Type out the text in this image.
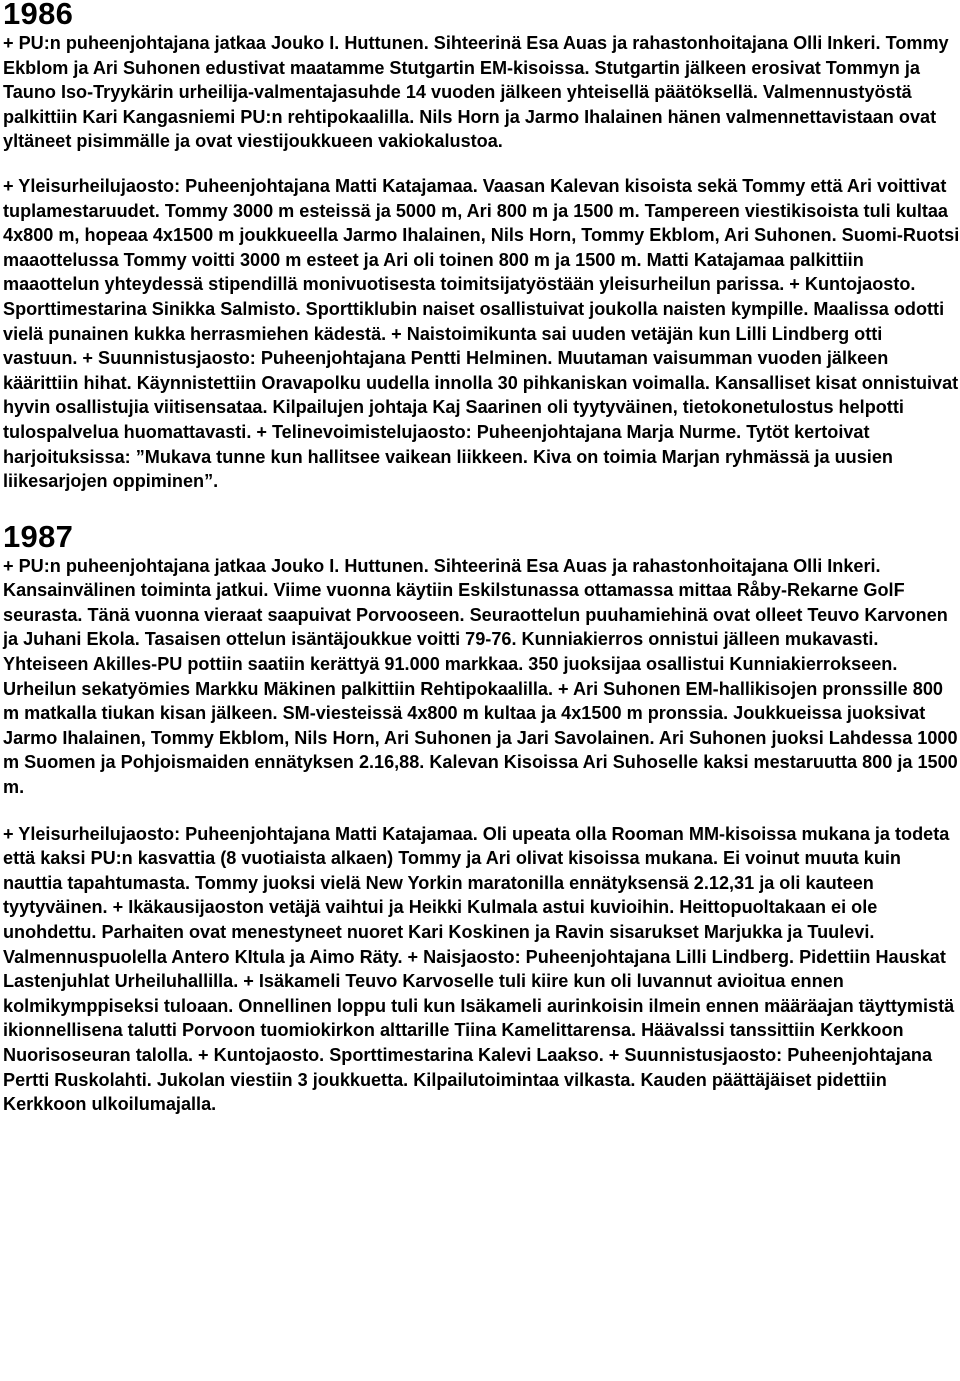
1986

+ PU:n puheenjohtajana jatkaa Jouko I. Huttunen. Sihteerinä Esa Auas ja rahastonhoitajana Olli Inkeri. Tommy Ekblom ja Ari Suhonen edustivat maatamme Stutgartin EM-kisoissa. Stutgartin jälkeen erosivat Tommyn ja Tauno Iso-Tryykärin urheilija-valmentajasuhde 14 vuoden jälkeen yhteisellä päätöksellä. Valmennustyöstä palkittiin Kari Kangasniemi PU:n rehtipokaalilla. Nils Horn ja Jarmo Ihalainen hänen valmennettavistaan ovat yltäneet pisimmälle ja ovat viestijoukkueen vakiokalustoa.

+ Yleisurheilujaosto: Puheenjohtajana Matti Katajamaa. Vaasan Kalevan kisoista sekä Tommy että Ari voittivat tuplamestaruudet. Tommy 3000 m esteissä ja 5000 m, Ari 800 m ja 1500 m. Tampereen viestikisoista tuli kultaa 4x800 m, hopeaa 4x1500 m joukkueella Jarmo Ihalainen, Nils Horn, Tommy Ekblom, Ari Suhonen. Suomi-Ruotsi maaottelussa Tommy voitti 3000 m esteet ja Ari oli toinen 800 m ja 1500 m. Matti Katajamaa palkittiin maaottelun yhteydessä stipendillä monivuotisesta toimitsijatyöstään yleisurheilun parissa. + Kuntojaosto. Sporttimestarina Sinikka Salmisto. Sporttiklubin naiset osallistuivat joukolla naisten kympille. Maalissa odotti vielä punainen kukka herrasmiehen kädestä. + Naistoimikunta sai uuden vetäjän kun Lilli Lindberg otti vastuun. + Suunnistusjaosto: Puheenjohtajana Pentti Helminen. Muutaman vaisumman vuoden jälkeen käärittiin hihat. Käynnistettiin Oravapolku uudella innolla 30 pihkaniskan voimalla. Kansalliset kisat onnistuivat hyvin osallistujia viitisensataa. Kilpailujen johtaja Kaj Saarinen oli tyytyväinen, tietokonetulostus helpotti tulospalvelua huomattavasti. + Telinevoimistelujaosto: Puheenjohtajana Marja Nurme. Tytöt kertoivat harjoituksissa: ”Mukava tunne kun hallitsee vaikean liikkeen. Kiva on toimia Marjan ryhmässä ja uusien liikesarjojen oppiminen”.

1987

+ PU:n puheenjohtajana jatkaa Jouko I. Huttunen. Sihteerinä Esa Auas ja rahastonhoitajana Olli Inkeri. Kansainvälinen toiminta jatkui. Viime vuonna käytiin Eskilstunassa ottamassa mittaa Råby-Rekarne GolF seurasta. Tänä vuonna vieraat saapuivat Porvooseen. Seuraottelun puuhamiehinä ovat olleet Teuvo Karvonen ja Juhani Ekola. Tasaisen ottelun isäntäjoukkue voitti 79-76. Kunniakierros onnistui jälleen mukavasti. Yhteiseen Akilles-PU pottiin saatiin kerättyä 91.000 markkaa. 350 juoksijaa osallistui Kunniakierrokseen. Urheilun sekatyömies Markku Mäkinen palkittiin Rehtipokaalilla. + Ari Suhonen EM-hallikisojen pronssille 800 m matkalla tiukan kisan jälkeen. SM-viesteissä 4x800 m kultaa ja 4x1500 m pronssia. Joukkueissa juoksivat Jarmo Ihalainen, Tommy Ekblom, Nils Horn, Ari Suhonen ja Jari Savolainen. Ari Suhonen juoksi Lahdessa 1000 m Suomen ja Pohjoismaiden ennätyksen 2.16,88. Kalevan Kisoissa Ari Suhoselle kaksi mestaruutta 800 ja 1500 m.

+ Yleisurheilujaosto: Puheenjohtajana Matti Katajamaa. Oli upeata olla Rooman MM-kisoissa mukana ja todeta että kaksi PU:n kasvattia (8 vuotiaista alkaen) Tommy ja Ari olivat kisoissa mukana. Ei voinut muuta kuin nauttia tapahtumasta. Tommy juoksi vielä New Yorkin maratonilla ennätyksensä 2.12,31 ja oli kauteen tyytyväinen. + Ikäkausijaoston vetäjä vaihtui ja Heikki Kulmala astui kuvioihin. Heittopuoltakaan ei ole unohdettu. Parhaiten ovat menestyneet nuoret Kari Koskinen ja Ravin sisarukset Marjukka ja Tuulevi. Valmennuspuolella Antero KItula ja Aimo Räty. + Naisjaosto: Puheenjohtajana Lilli Lindberg. Pidettiin Hauskat Lastenjuhlat Urheiluhallilla. + Isäkameli Teuvo Karvoselle tuli kiire kun oli luvannut avioitua ennen kolmikymppiseksi tuloaan. Onnellinen loppu tuli kun Isäkameli aurinkoisin ilmein ennen määräajan täyttymistä ikionnellisena talutti Porvoon tuomiokirkon alttarille Tiina Kamelittarensa. Häävalssi tanssittiin Kerkkoon Nuorisoseuran talolla. + Kuntojaosto. Sporttimestarina Kalevi Laakso. + Suunnistusjaosto: Puheenjohtajana Pertti Ruskolahti. Jukolan viestiin 3 joukkuetta. Kilpailutoimintaa vilkasta. Kauden päättäjäiset pidettiin Kerkkoon ulkoilumajalla.
